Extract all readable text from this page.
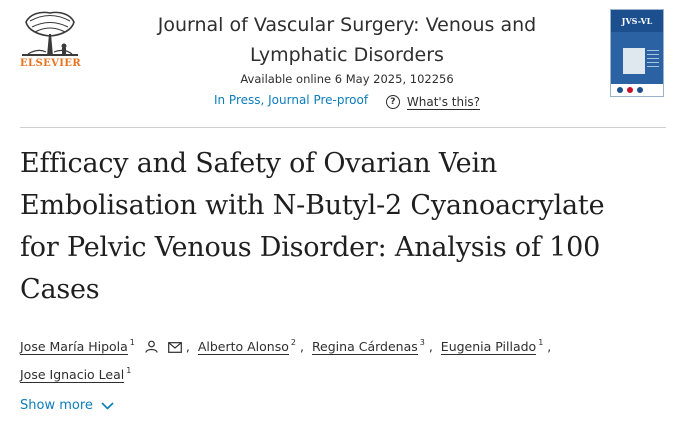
ELSEVIER
Journal of Vascular Surgery: Venous and
Lymphatic Disorders
Available online 6 May 2025, 102256
In Press, Journal Pre-proof	? What's this?
JVS-VL
Efficacy and Safety of Ovarian Vein
Embolisation with N-Butyl-2 Cyanoacrylate
for Pelvic Venous Disorder: Analysis of 100
Cases
Jose María Hipola $^1$	, Alberto Alonso $^2$ , Regina Cárdenas $^3$ , Eugenia Pillado $^1$ ,
Jose Ignacio Leal $^1$
Show more
